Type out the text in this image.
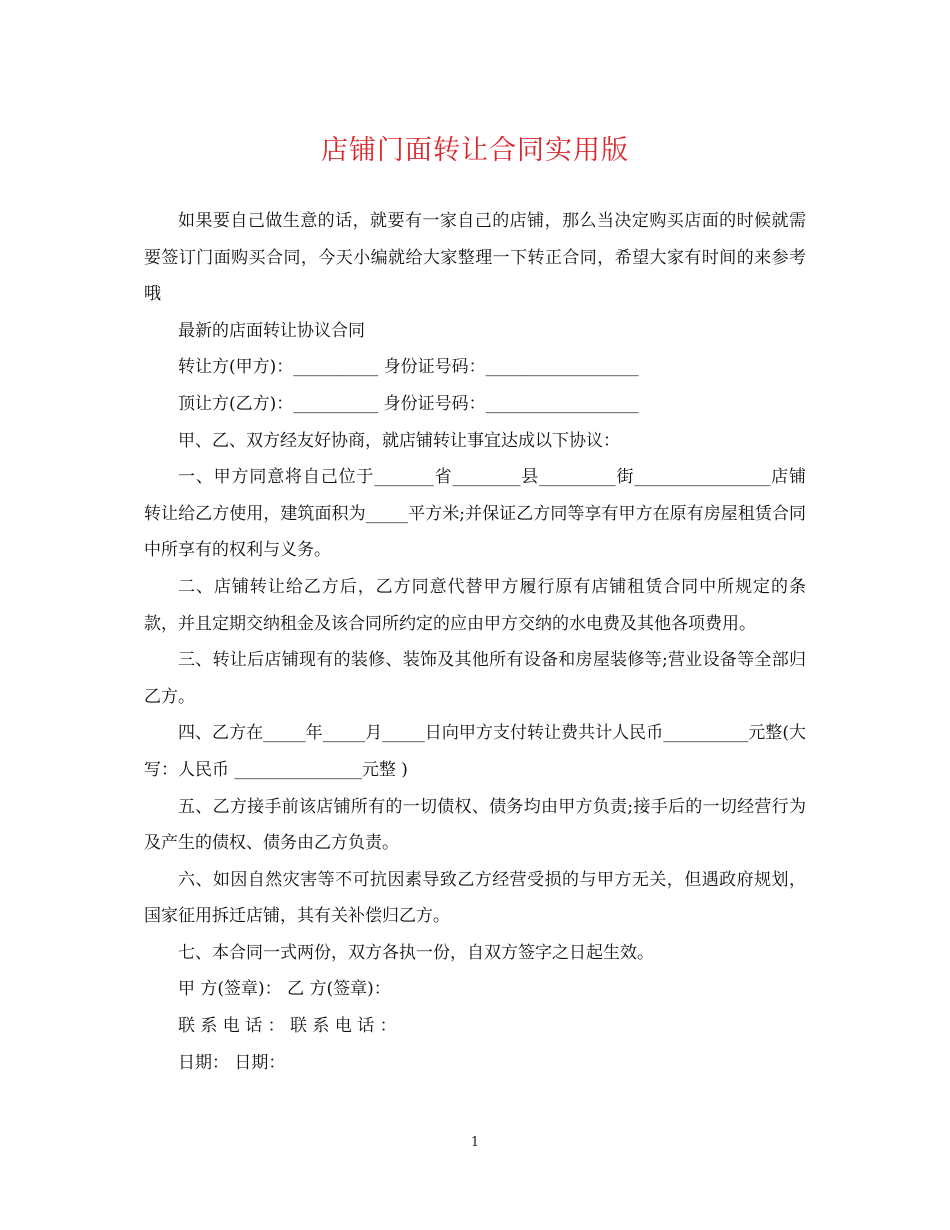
店铺门面转让合同实用版

如果要自己做生意的话，就要有一家自己的店铺，那么当决定购买店面的时候就需要签订门面购买合同，今天小编就给大家整理一下转正合同，希望大家有时间的来参考哦

最新的店面转让协议合同

转让方(甲方)：__________ 身份证号码：__________________

顶让方(乙方)：__________ 身份证号码：__________________

甲、乙、双方经友好协商，就店铺转让事宜达成以下协议：

一、甲方同意将自己位于_______省________县_________街________________店铺转让给乙方使用，建筑面积为_____平方米;并保证乙方同等享有甲方在原有房屋租赁合同中所享有的权利与义务。

二、店铺转让给乙方后，乙方同意代替甲方履行原有店铺租赁合同中所规定的条款，并且定期交纳租金及该合同所约定的应由甲方交纳的水电费及其他各项费用。

三、转让后店铺现有的装修、装饰及其他所有设备和房屋装修等;营业设备等全部归乙方。

四、乙方在_____年_____月_____日向甲方支付转让费共计人民币__________元整(大写：人民币 _______________元整 )

五、乙方接手前该店铺所有的一切债权、债务均由甲方负责;接手后的一切经营行为及产生的债权、债务由乙方负责。

六、如因自然灾害等不可抗因素导致乙方经营受损的与甲方无关，但遇政府规划，国家征用拆迁店铺，其有关补偿归乙方。

七、本合同一式两份，双方各执一份，自双方签字之日起生效。

甲 方(签章)： 乙 方(签章)：

联 系 电 话 ： 联 系 电 话 ：

日期： 日期：

1
